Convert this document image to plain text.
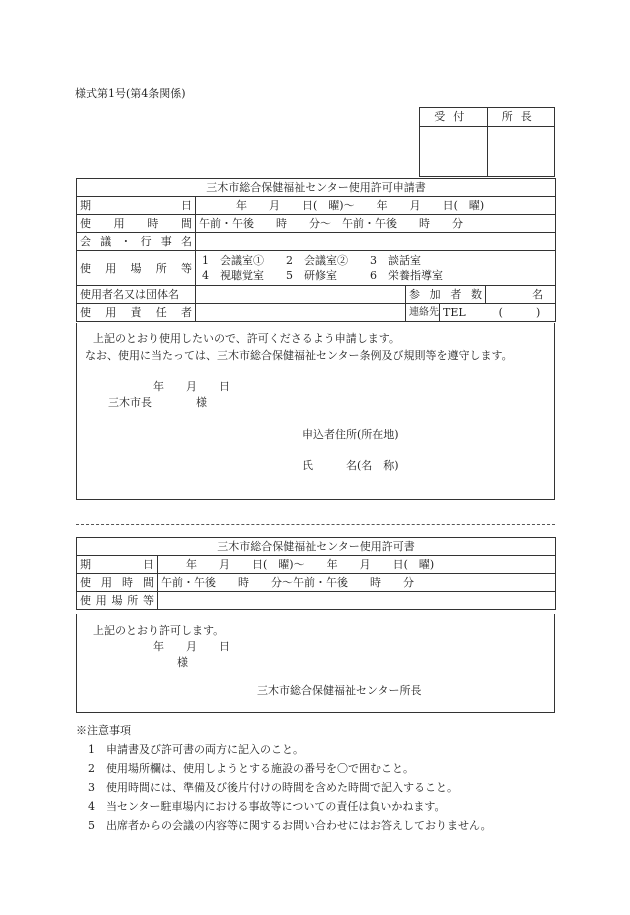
様式第1号(第4条関係)
受付	所長
三木市総合保健福祉センター使用許可申請書				
期日	年　　月　　日(　曜)～　　年　　月　　日(　曜)			
使用時間	午前・午後　　時　　分～　午前・午後　　時　　分			
会議・行事名				
使用場所等	1　会議室①　　2　会議室②　　3　談話室
4　視聴覚室　　5　研修室　　　6　栄養指導室			

使用者名又は団体名		参加者数		名
使用責任者		連絡先	TEL　　　(　　　)	
上記のとおり使用したいので、許可くださるよう申請します。
なお、使用に当たっては、三木市総合保健福祉センター条例及び規則等を遵守します。
年　　月　　日
三木市長　　　　様
申込者住所(所在地)
氏　　　名(名　称)
三木市総合保健福祉センター使用許可書	
期日	年　　月　　日(　曜)～　　年　　月　　日(　曜)
使用時間	午前・午後　　時　　分～午前・午後　　時　　分
使用場所等	
上記のとおり許可します。
年　　月　　日
様
三木市総合保健福祉センター所長
※注意事項
1　申請書及び許可書の両方に記入のこと。
2　使用場所欄は、使用しようとする施設の番号を〇で囲むこと。
3　使用時間には、準備及び後片付けの時間を含めた時間で記入すること。
4　当センター駐車場内における事故等についての責任は負いかねます。
5　出席者からの会議の内容等に関するお問い合わせにはお答えしておりません。
